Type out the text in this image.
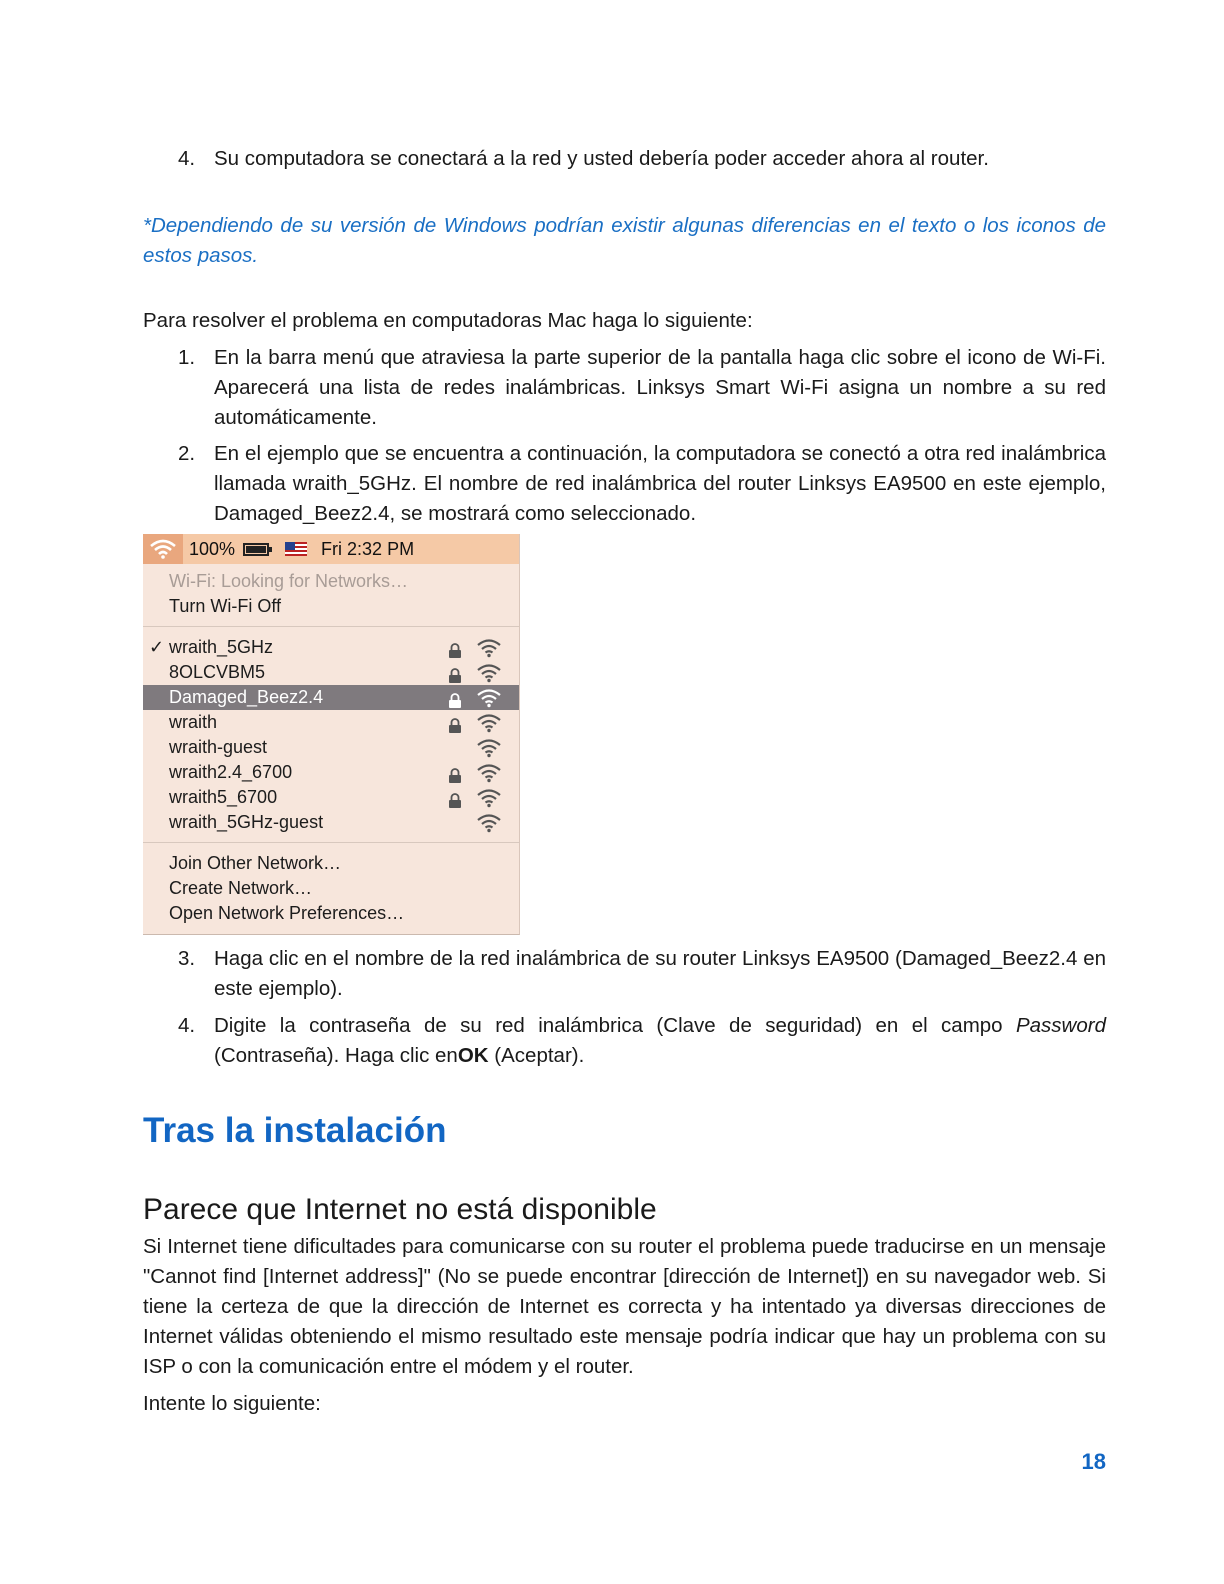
4. Su computadora se conectará a la red y usted debería poder acceder ahora al router.
*Dependiendo de su versión de Windows podrían existir algunas diferencias en el texto o los iconos de estos pasos.

Para resolver el problema en computadoras Mac haga lo siguiente:

1. En la barra menú que atraviesa la parte superior de la pantalla haga clic sobre el icono de Wi-Fi. Aparecerá una lista de redes inalámbricas. Linksys Smart Wi-Fi asigna un nombre a su red automáticamente.
2. En el ejemplo que se encuentra a continuación, la computadora se conectó a otra red inalámbrica llamada wraith_5GHz. El nombre de red inalámbrica del router Linksys EA9500 en este ejemplo, Damaged_Beez2.4, se mostrará como seleccionado.
100%	Fri 2:32 PM
Wi-Fi: Looking for Networks…
Turn Wi-Fi Off
✓ wraith_5GHz
8OLCVBM5
Damaged_Beez2.4
wraith
wraith-guest
wraith2.4_6700
wraith5_6700
wraith_5GHz-guest
Join Other Network…
Create Network…
Open Network Preferences…
3. Haga clic en el nombre de la red inalámbrica de su router Linksys EA9500 (Damaged_Beez2.4 en este ejemplo).
4. Digite la contraseña de su red inalámbrica (Clave de seguridad) en el campo Password (Contraseña). Haga clic enOK (Aceptar).
Tras la instalación
Parece que Internet no está disponible

Si Internet tiene dificultades para comunicarse con su router el problema puede traducirse en un mensaje "Cannot find [Internet address]" (No se puede encontrar [dirección de Internet]) en su navegador web. Si tiene la certeza de que la dirección de Internet es correcta y ha intentado ya diversas direcciones de Internet válidas obteniendo el mismo resultado este mensaje podría indicar que hay un problema con su ISP o con la comunicación entre el módem y el router.

Intente lo siguiente:

18
